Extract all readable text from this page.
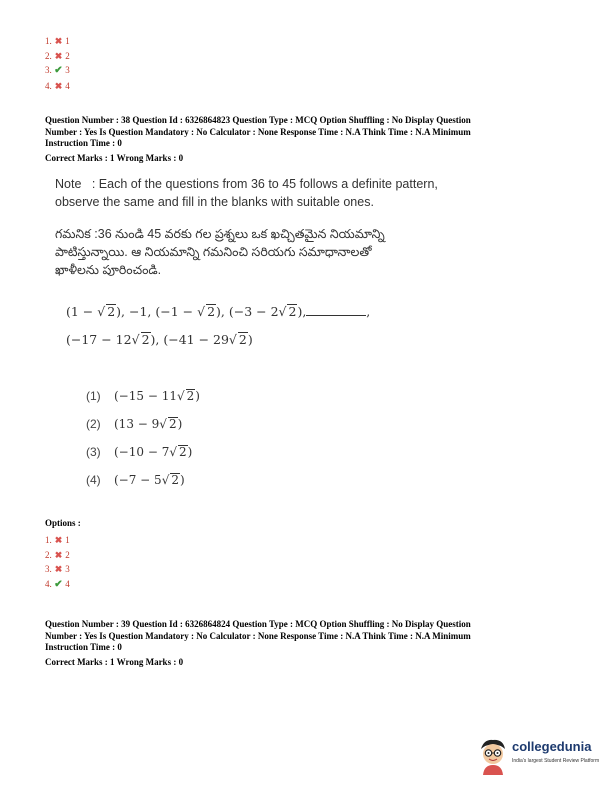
1. ✖ 1
2. ✖ 2
3. ✔ 3
4. ✖ 4
Question Number : 38 Question Id : 6326864823 Question Type : MCQ Option Shuffling : No Display Question
Number : Yes Is Question Mandatory : No Calculator : None Response Time : N.A Think Time : N.A Minimum
Instruction Time : 0
Correct Marks : 1 Wrong Marks : 0
Note : Each of the questions from 36 to 45 follows a definite pattern,
observe the same and fill in the blanks with suitable ones.
గమనిక :36 నుండి 45 వరకు గల ప్రశ్నలు ఒక ఖచ్చితమైన నియమాన్ని
పాటిస్తున్నాయి. ఆ నియమాన్ని గమనించి సరియగు సమాధానాలతో
ఖాళీలను పూరించండి.
(1 − √ 2), −1, (−1 − √ 2), (−3 − 2√ 2),	,
(−17 − 12√ 2), (−41 − 29√ 2)
(1) (−15 − 11√ 2)
(2) (13 − 9√ 2)
(3) (−10 − 7√ 2)
(4) (−7 − 5√ 2)
Options :
1. ✖ 1
2. ✖ 2
3. ✖ 3
4. ✔ 4
Question Number : 39 Question Id : 6326864824 Question Type : MCQ Option Shuffling : No Display Question
Number : Yes Is Question Mandatory : No Calculator : None Response Time : N.A Think Time : N.A Minimum
Instruction Time : 0
Correct Marks : 1 Wrong Marks : 0
collegedunia
India's largest Student Review Platform
